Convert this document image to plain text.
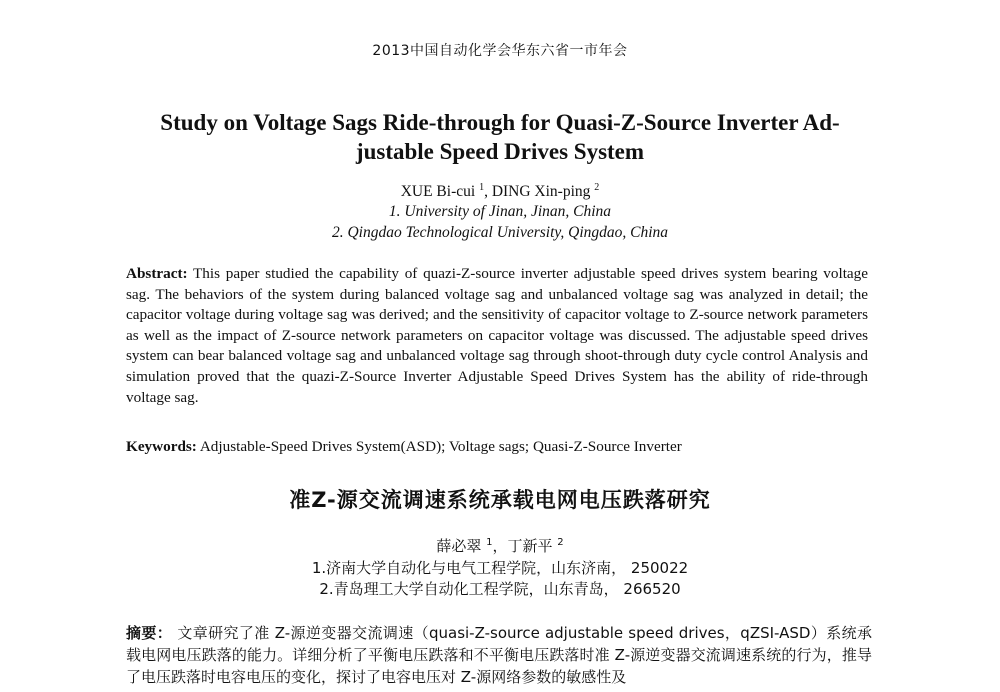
2013中国自动化学会华东六省一市年会
Study on Voltage Sags Ride-through for Quasi-Z-Source Inverter Ad-
justable Speed Drives System
XUE Bi-cui $^1$, DING Xin-ping $^2$
1. University of Jinan, Jinan, China
2. Qingdao Technological University, Qingdao, China
Abstract: This paper studied the capability of quazi-Z-source inverter adjustable speed drives system bearing voltage sag. The behaviors of the system during balanced voltage sag and unbalanced voltage sag was analyzed in detail; the capacitor voltage during voltage sag was derived; and the sensitivity of capacitor voltage to Z-source network parameters as well as the impact of Z-source network parameters on capacitor voltage was discussed. The adjustable speed drives system can bear balanced voltage sag and unbalanced voltage sag through shoot-through duty cycle control Analysis and simulation proved that the quazi-Z-Source Inverter Adjustable Speed Drives System has the ability of ride-through voltage sag.
Keywords: Adjustable-Speed Drives System(ASD); Voltage sags; Quasi-Z-Source Inverter
准Z-源交流调速系统承载电网电压跌落研究
薛必翠 $^1$，丁新平 $^2$
1.济南大学自动化与电气工程学院，山东济南， 250022
2.青岛理工大学自动化工程学院，山东青岛， 266520
摘要： 文章研究了准 Z-源逆变器交流调速（quasi-Z-source adjustable speed drives，qZSI-ASD）系统承载电网电压跌落的能力。详细分析了平衡电压跌落和不平衡电压跌落时准 Z-源逆变器交流调速系统的行为，推导了电压跌落时电容电压的变化，探讨了电容电压对 Z-源网络参数的敏感性及
